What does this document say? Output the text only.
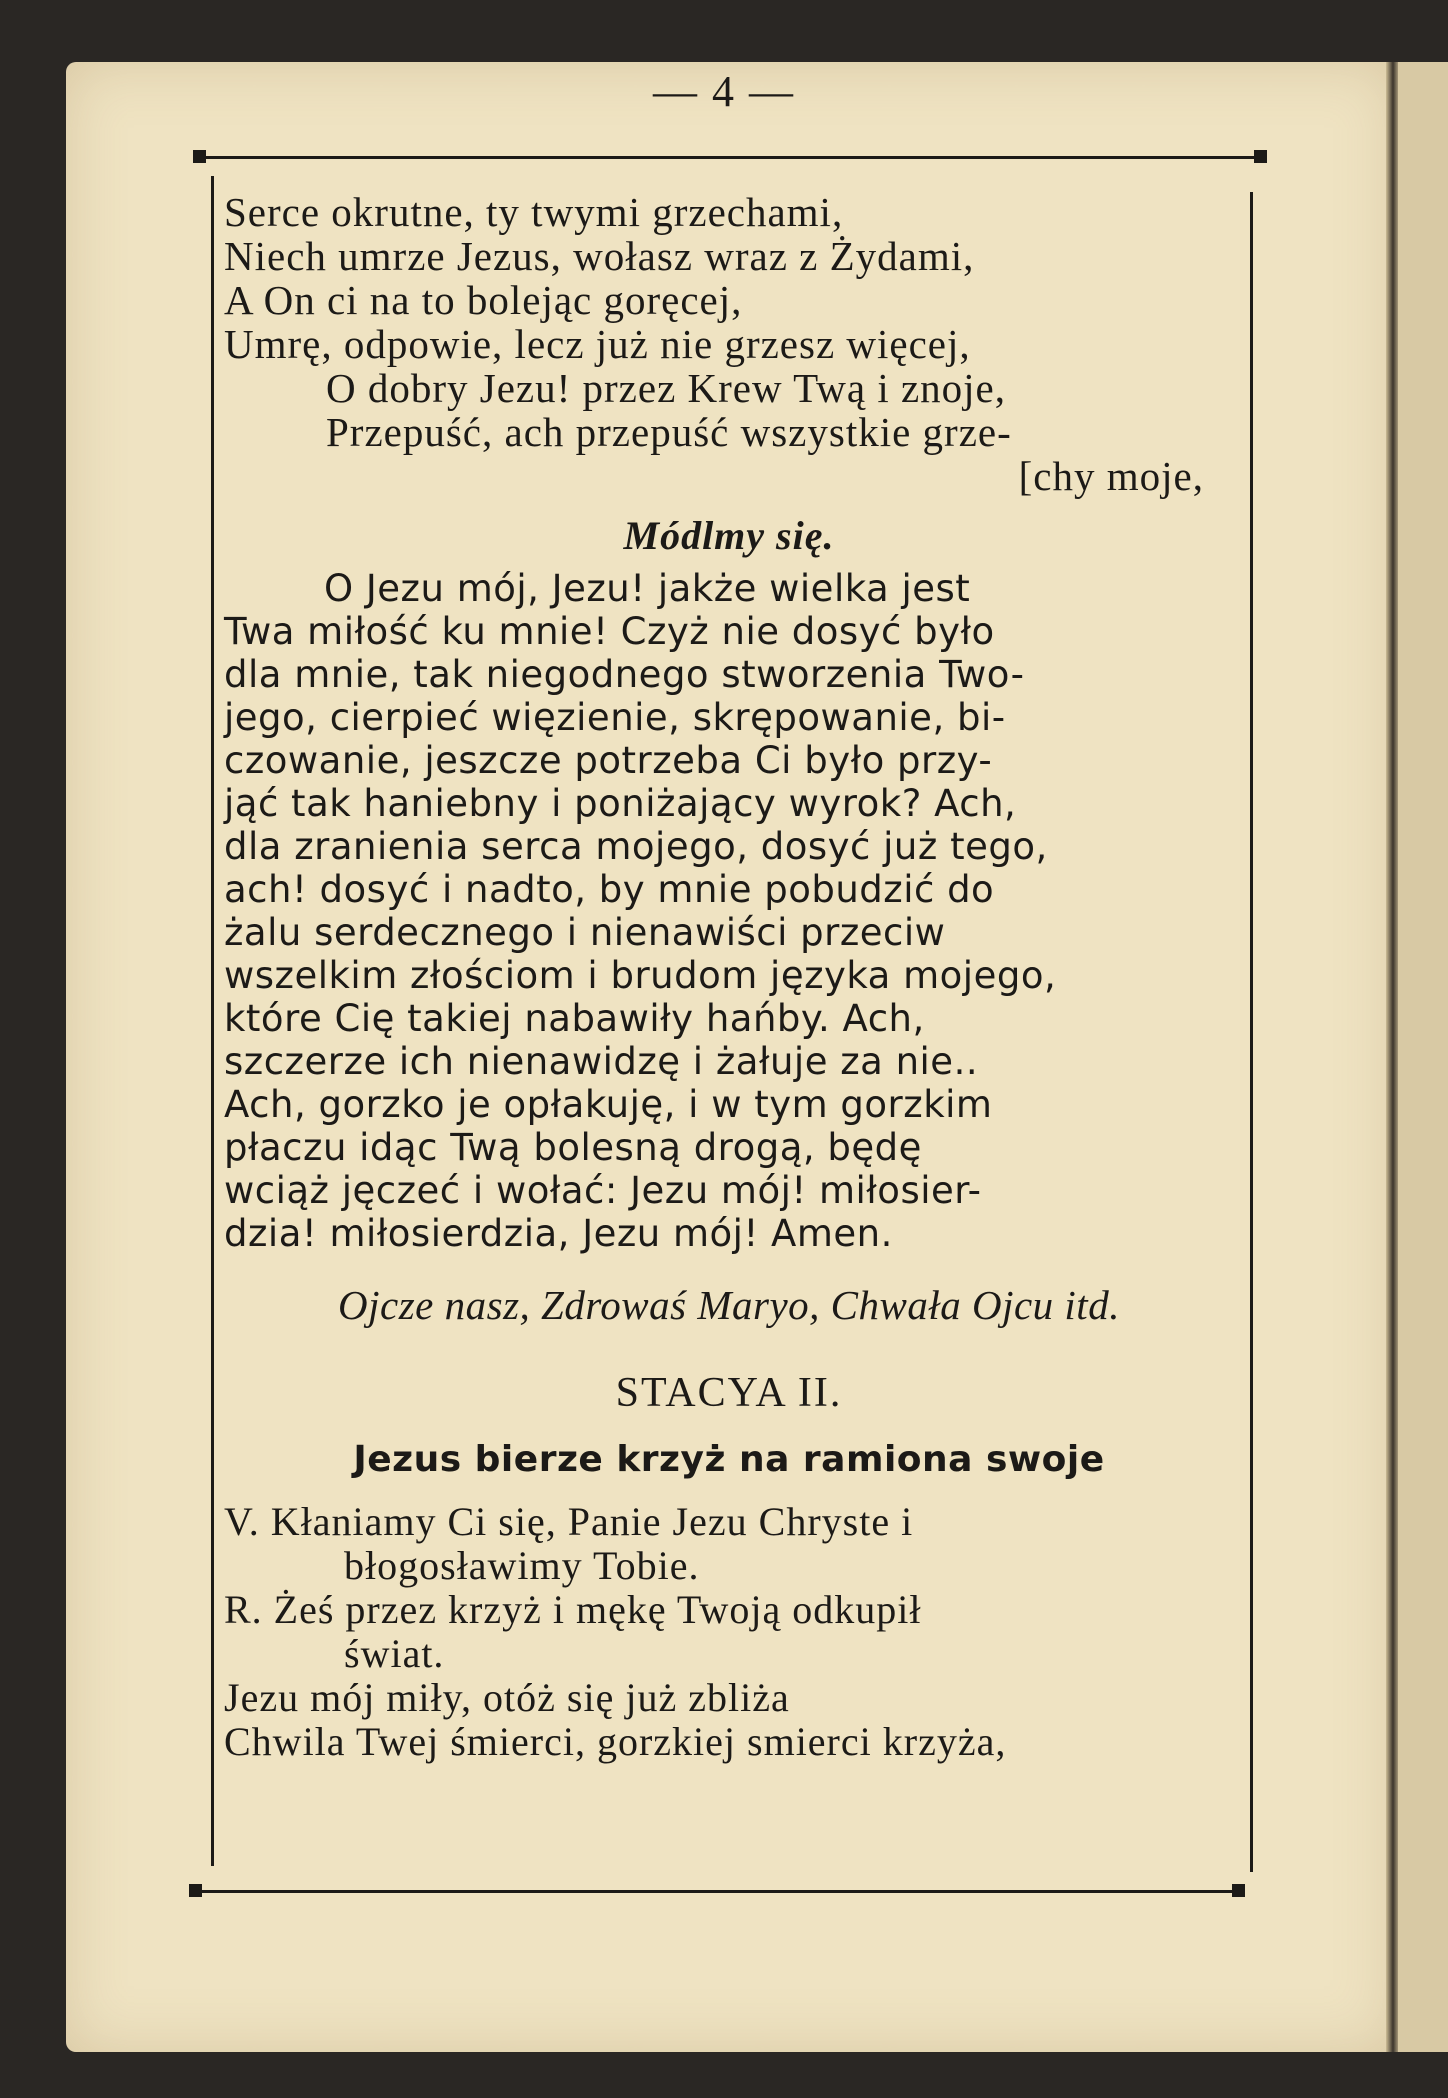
— 4 —
Serce okrutne, ty twymi grzechami,
Niech umrze Jezus, wołasz wraz z Żydami,
A On ci na to bolejąc goręcej,
Umrę, odpowie, lecz już nie grzesz więcej,
O dobry Jezu! przez Krew Twą i znoje,
Przepuść, ach przepuść wszystkie grze-
[chy moje,
Módlmy się.
O Jezu mój, Jezu! jakże wielka jest
Twa miłość ku mnie! Czyż nie dosyć było
dla mnie, tak niegodnego stworzenia Two-
jego, cierpieć więzienie, skrępowanie, bi-
czowanie, jeszcze potrzeba Ci było przy-
jąć tak haniebny i poniżający wyrok? Ach,
dla zranienia serca mojego, dosyć już tego,
ach! dosyć i nadto, by mnie pobudzić do
żalu serdecznego i nienawiści przeciw
wszelkim złościom i brudom języka mojego,
które Cię takiej nabawiły hańby. Ach,
szczerze ich nienawidzę i żałuje za nie..
Ach, gorzko je opłakuję, i w tym gorzkim
płaczu idąc Twą bolesną drogą, będę
wciąż jęczeć i wołać: Jezu mój! miłosier-
dzia! miłosierdzia, Jezu mój! Amen.
Ojcze nasz, Zdrowaś Maryo, Chwała Ojcu itd.
STACYA II.
Jezus bierze krzyż na ramiona swoje
V. Kłaniamy Ci się, Panie Jezu Chryste i
błogosławimy Tobie.
R. Żeś przez krzyż i mękę Twoją odkupił
świat.
Jezu mój miły, otóż się już zbliża
Chwila Twej śmierci, gorzkiej smierci krzyża,
